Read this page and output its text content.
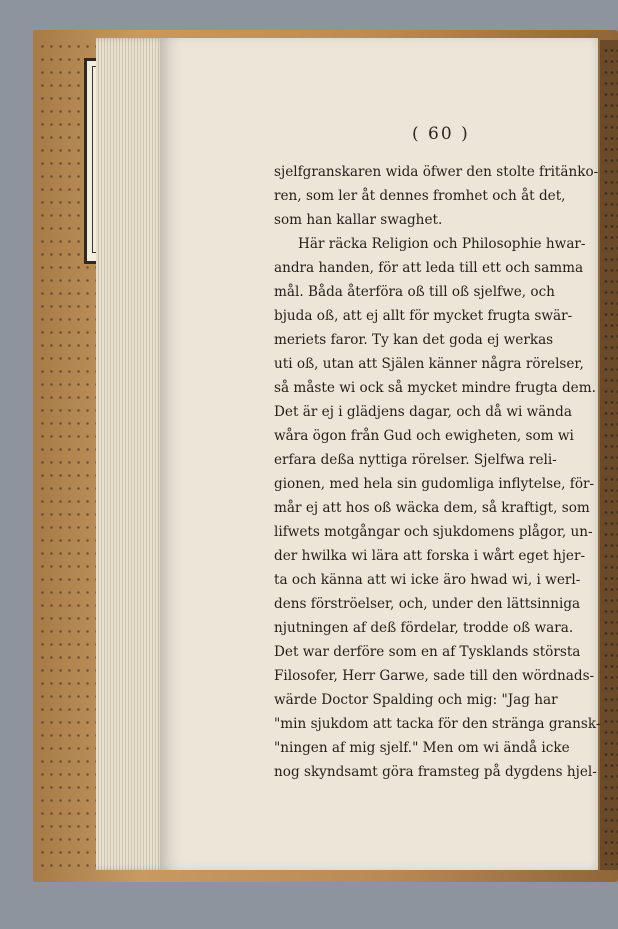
( 60 )
sjelfgranskaren wida öfwer den stolte fritänko-
ren, som ler åt dennes fromhet och åt det,
som han kallar swaghet.
Här räcka Religion och Philosophie hwar-
andra handen, för att leda till ett och samma
mål. Båda återföra oß till oß sjelfwe, och
bjuda oß, att ej allt för mycket frugta swär-
meriets faror. Ty kan det goda ej werkas
uti oß, utan att Själen känner några rörelser,
så måste wi ock så mycket mindre frugta dem.
Det är ej i glädjens dagar, och då wi wända
wåra ögon från Gud och ewigheten, som wi
erfara deßa nyttiga rörelser. Sjelfwa reli-
gionen, med hela sin gudomliga inflytelse, för-
mår ej att hos oß wäcka dem, så kraftigt, som
lifwets motgångar och sjukdomens plågor, un-
der hwilka wi lära att forska i wårt eget hjer-
ta och känna att wi icke äro hwad wi, i werl-
dens förströelser, och, under den lättsinniga
njutningen af deß fördelar, trodde oß wara.
Det war derföre som en af Tysklands största
Filosofer, Herr Garwe, sade till den wördnads-
wärde Doctor Spalding och mig: "Jag har
"min sjukdom att tacka för den stränga gransk-
"ningen af mig sjelf." Men om wi ändå icke
nog skyndsamt göra framsteg på dygdens hjel-
